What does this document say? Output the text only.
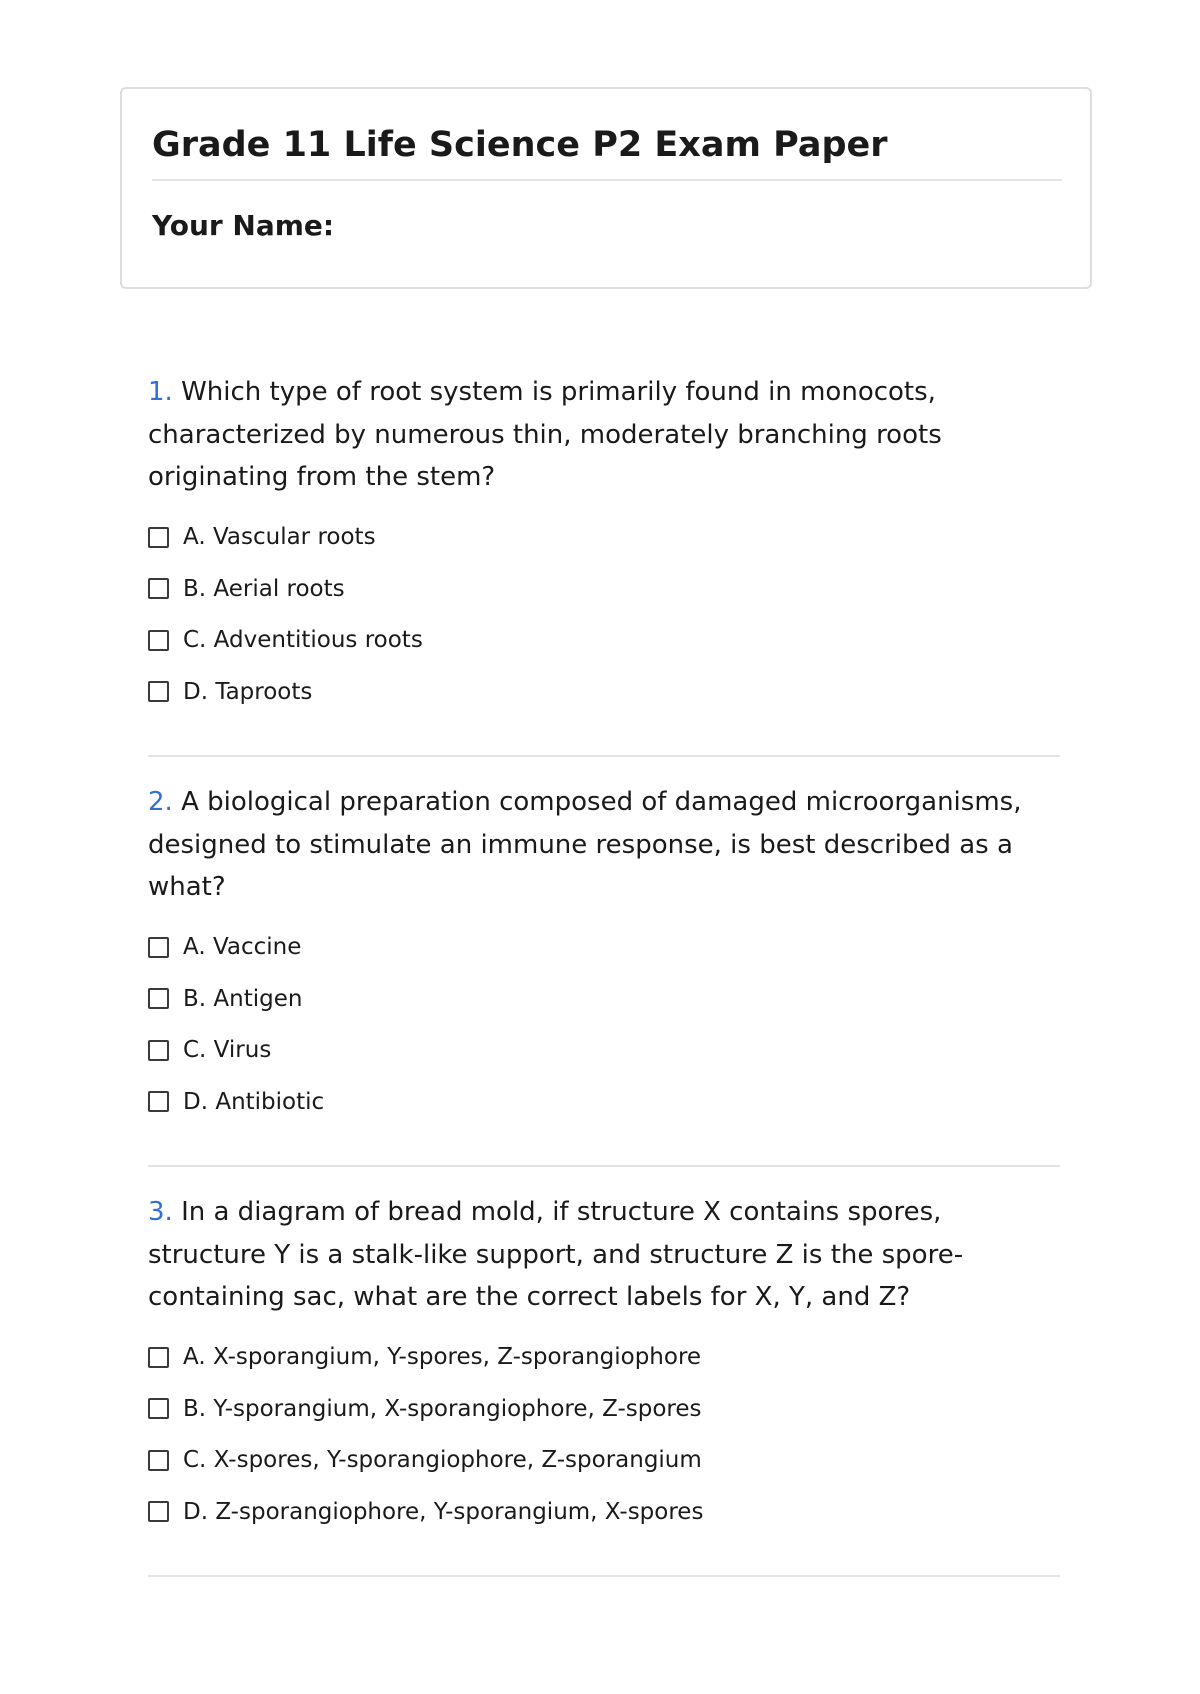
Grade 11 Life Science P2 Exam Paper
Your Name:

1. Which type of root system is primarily found in monocots, characterized by numerous thin, moderately branching roots originating from the stem?

A. Vascular roots
B. Aerial roots
C. Adventitious roots
D. Taproots

2. A biological preparation composed of damaged microorganisms, designed to stimulate an immune response, is best described as a what?

A. Vaccine
B. Antigen
C. Virus
D. Antibiotic

3. In a diagram of bread mold, if structure X contains spores, structure Y is a stalk-like support, and structure Z is the spore-containing sac, what are the correct labels for X, Y, and Z?

A. X-sporangium, Y-spores, Z-sporangiophore
B. Y-sporangium, X-sporangiophore, Z-spores
C. X-spores, Y-sporangiophore, Z-sporangium
D. Z-sporangiophore, Y-sporangium, X-spores
